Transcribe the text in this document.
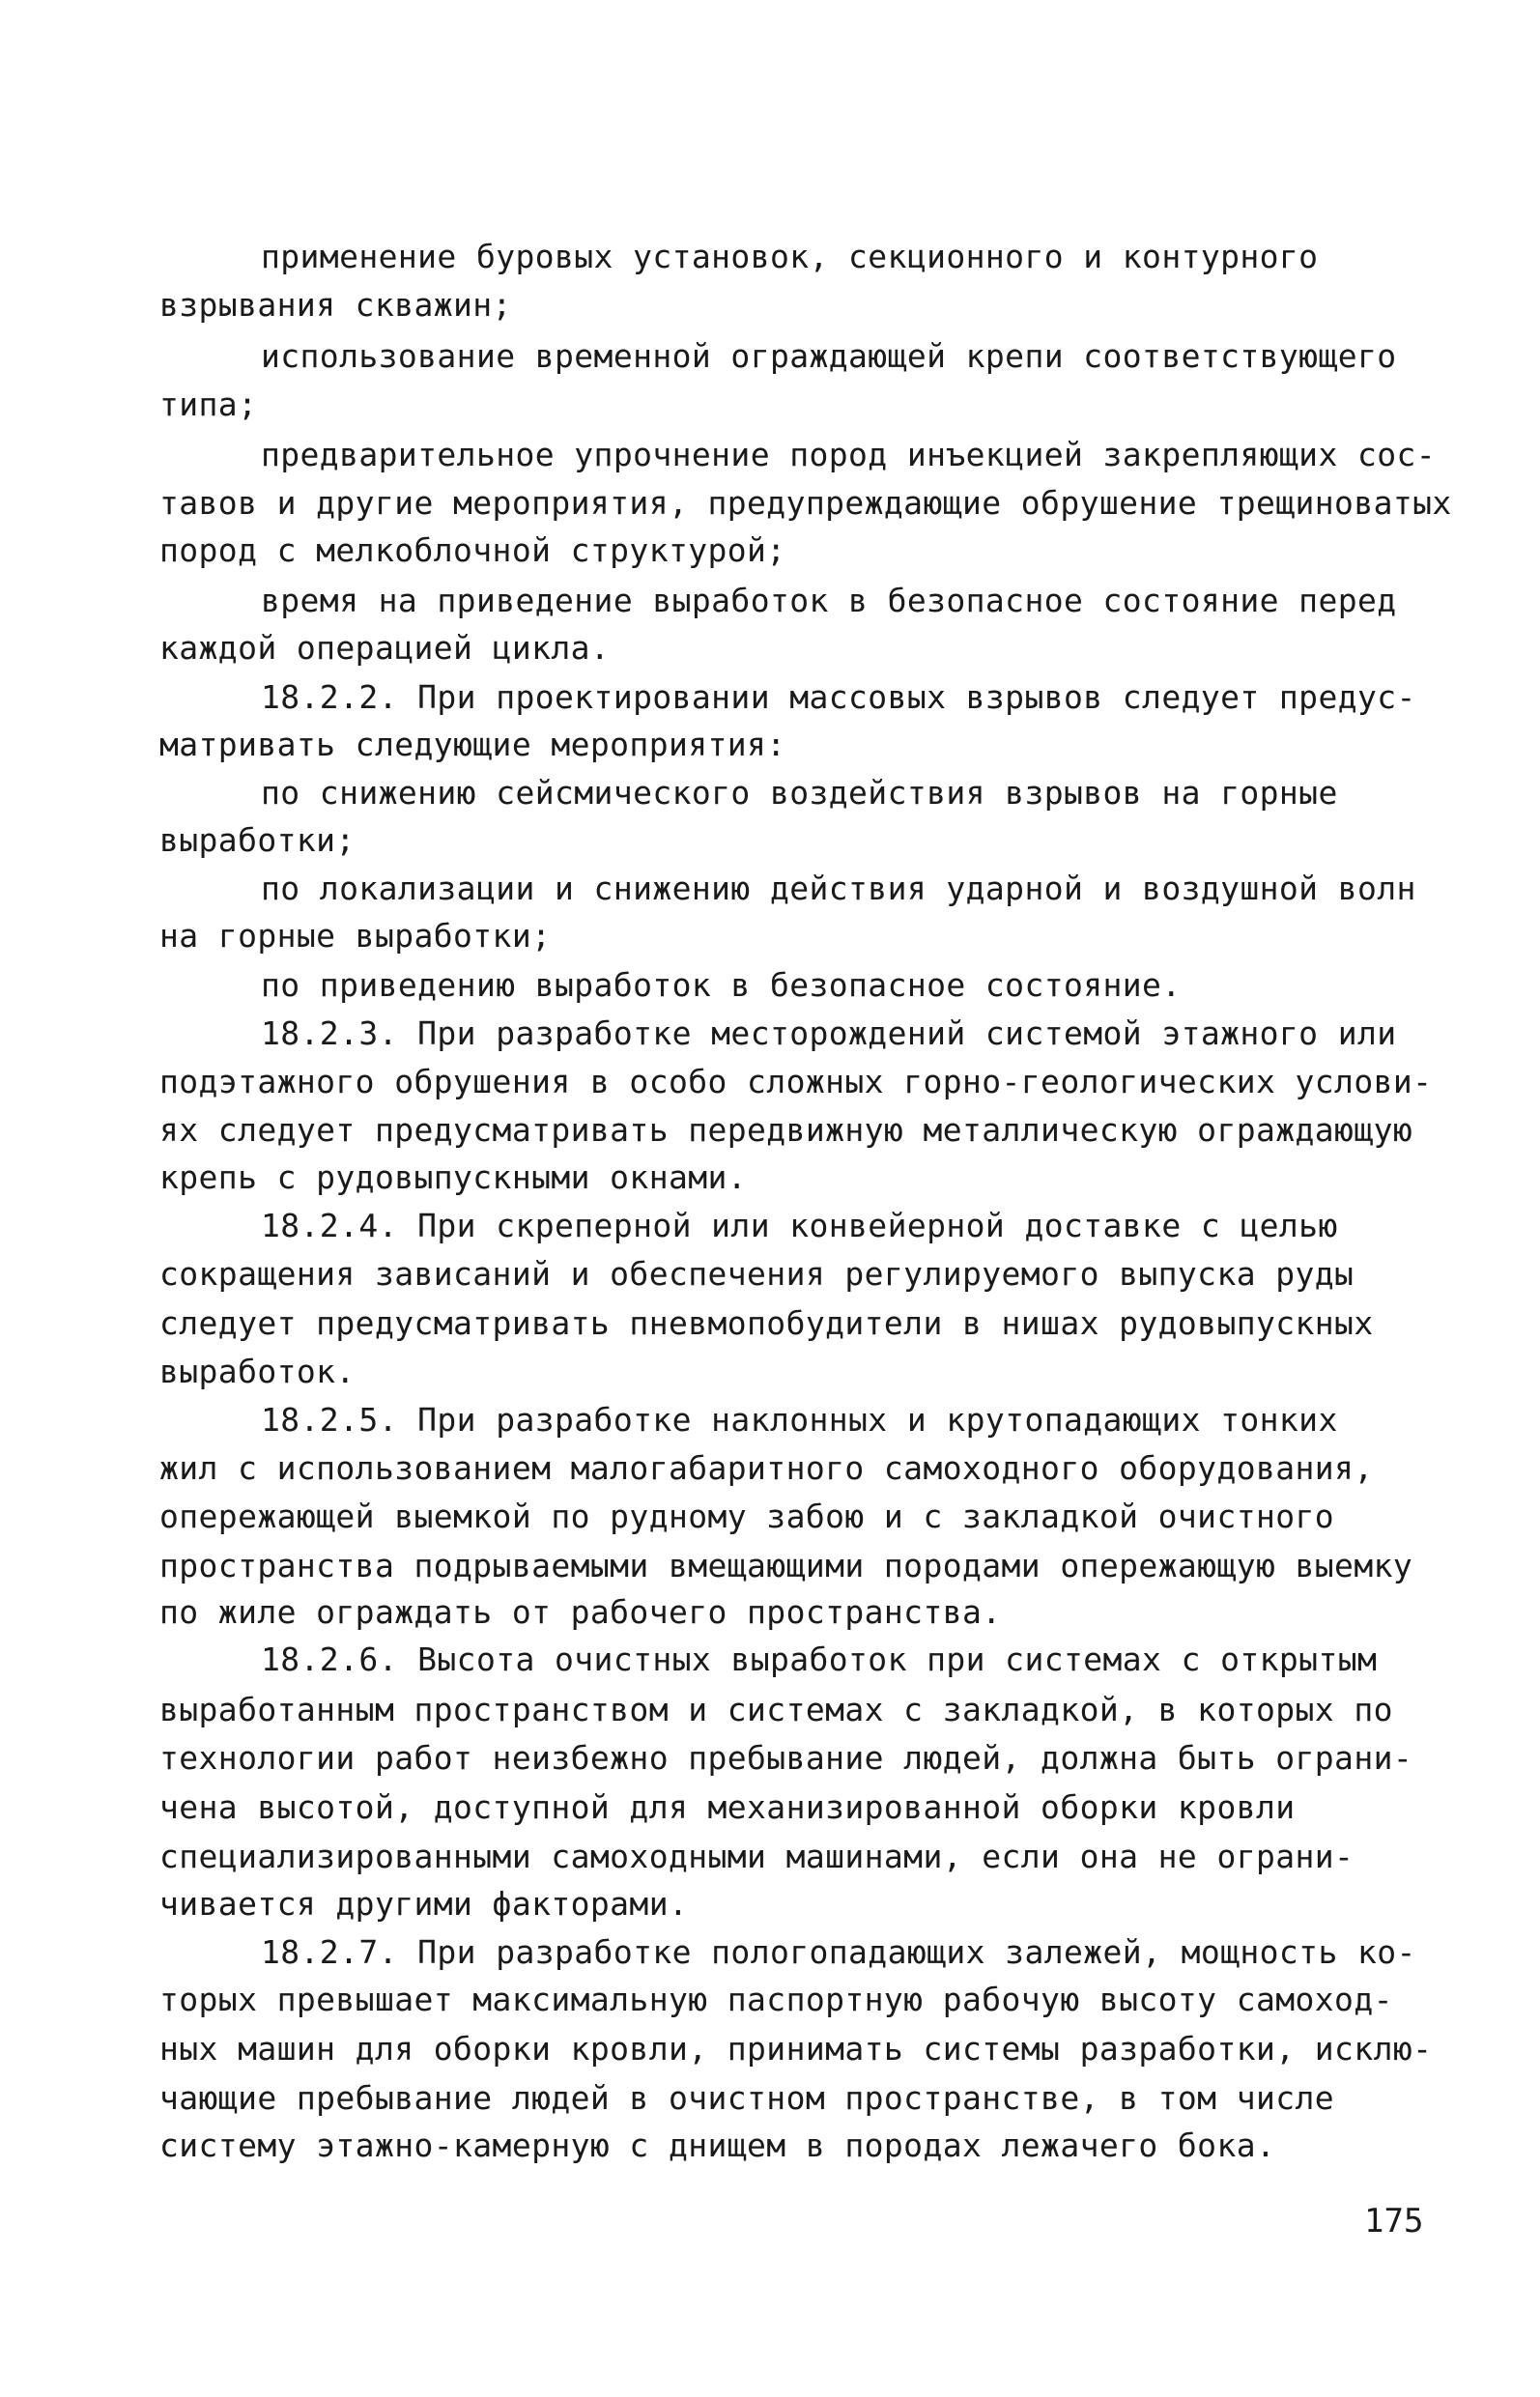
применение буровых установок, секционного и контурного
взрывания скважин;
использование временной ограждающей крепи соответствующего
типа;
предварительное упрочнение пород инъекцией закрепляющих сос-
тавов и другие мероприятия, предупреждающие обрушение трещиноватых
пород с мелкоблочной структурой;
время на приведение выработок в безопасное состояние перед
каждой операцией цикла.
18.2.2. При проектировании массовых взрывов следует предус-
матривать следующие мероприятия:
по снижению сейсмического воздействия взрывов на горные
выработки;
по локализации и снижению действия ударной и воздушной волн
на горные выработки;
по приведению выработок в безопасное состояние.
18.2.3. При разработке месторождений системой этажного или
подэтажного обрушения в особо сложных горно-геологических услови-
ях следует предусматривать передвижную металлическую ограждающую
крепь с рудовыпускными окнами.
18.2.4. При скреперной или конвейерной доставке с целью
сокращения зависаний и обеспечения регулируемого выпуска руды
следует предусматривать пневмопобудители в нишах рудовыпускных
выработок.
18.2.5. При разработке наклонных и крутопадающих тонких
жил с использованием малогабаритного самоходного оборудования,
опережающей выемкой по рудному забою и с закладкой очистного
пространства подрываемыми вмещающими породами опережающую выемку
по жиле ограждать от рабочего пространства.
18.2.6. Высота очистных выработок при системах с открытым
выработанным пространством и системах с закладкой, в которых по
технологии работ неизбежно пребывание людей, должна быть ограни-
чена высотой, доступной для механизированной оборки кровли
специализированными самоходными машинами, если она не ограни-
чивается другими факторами.
18.2.7. При разработке пологопадающих залежей, мощность ко-
торых превышает максимальную паспортную рабочую высоту самоход-
ных машин для оборки кровли, принимать системы разработки, исклю-
чающие пребывание людей в очистном пространстве, в том числе
систему этажно-камерную с днищем в породах лежачего бока.
175
